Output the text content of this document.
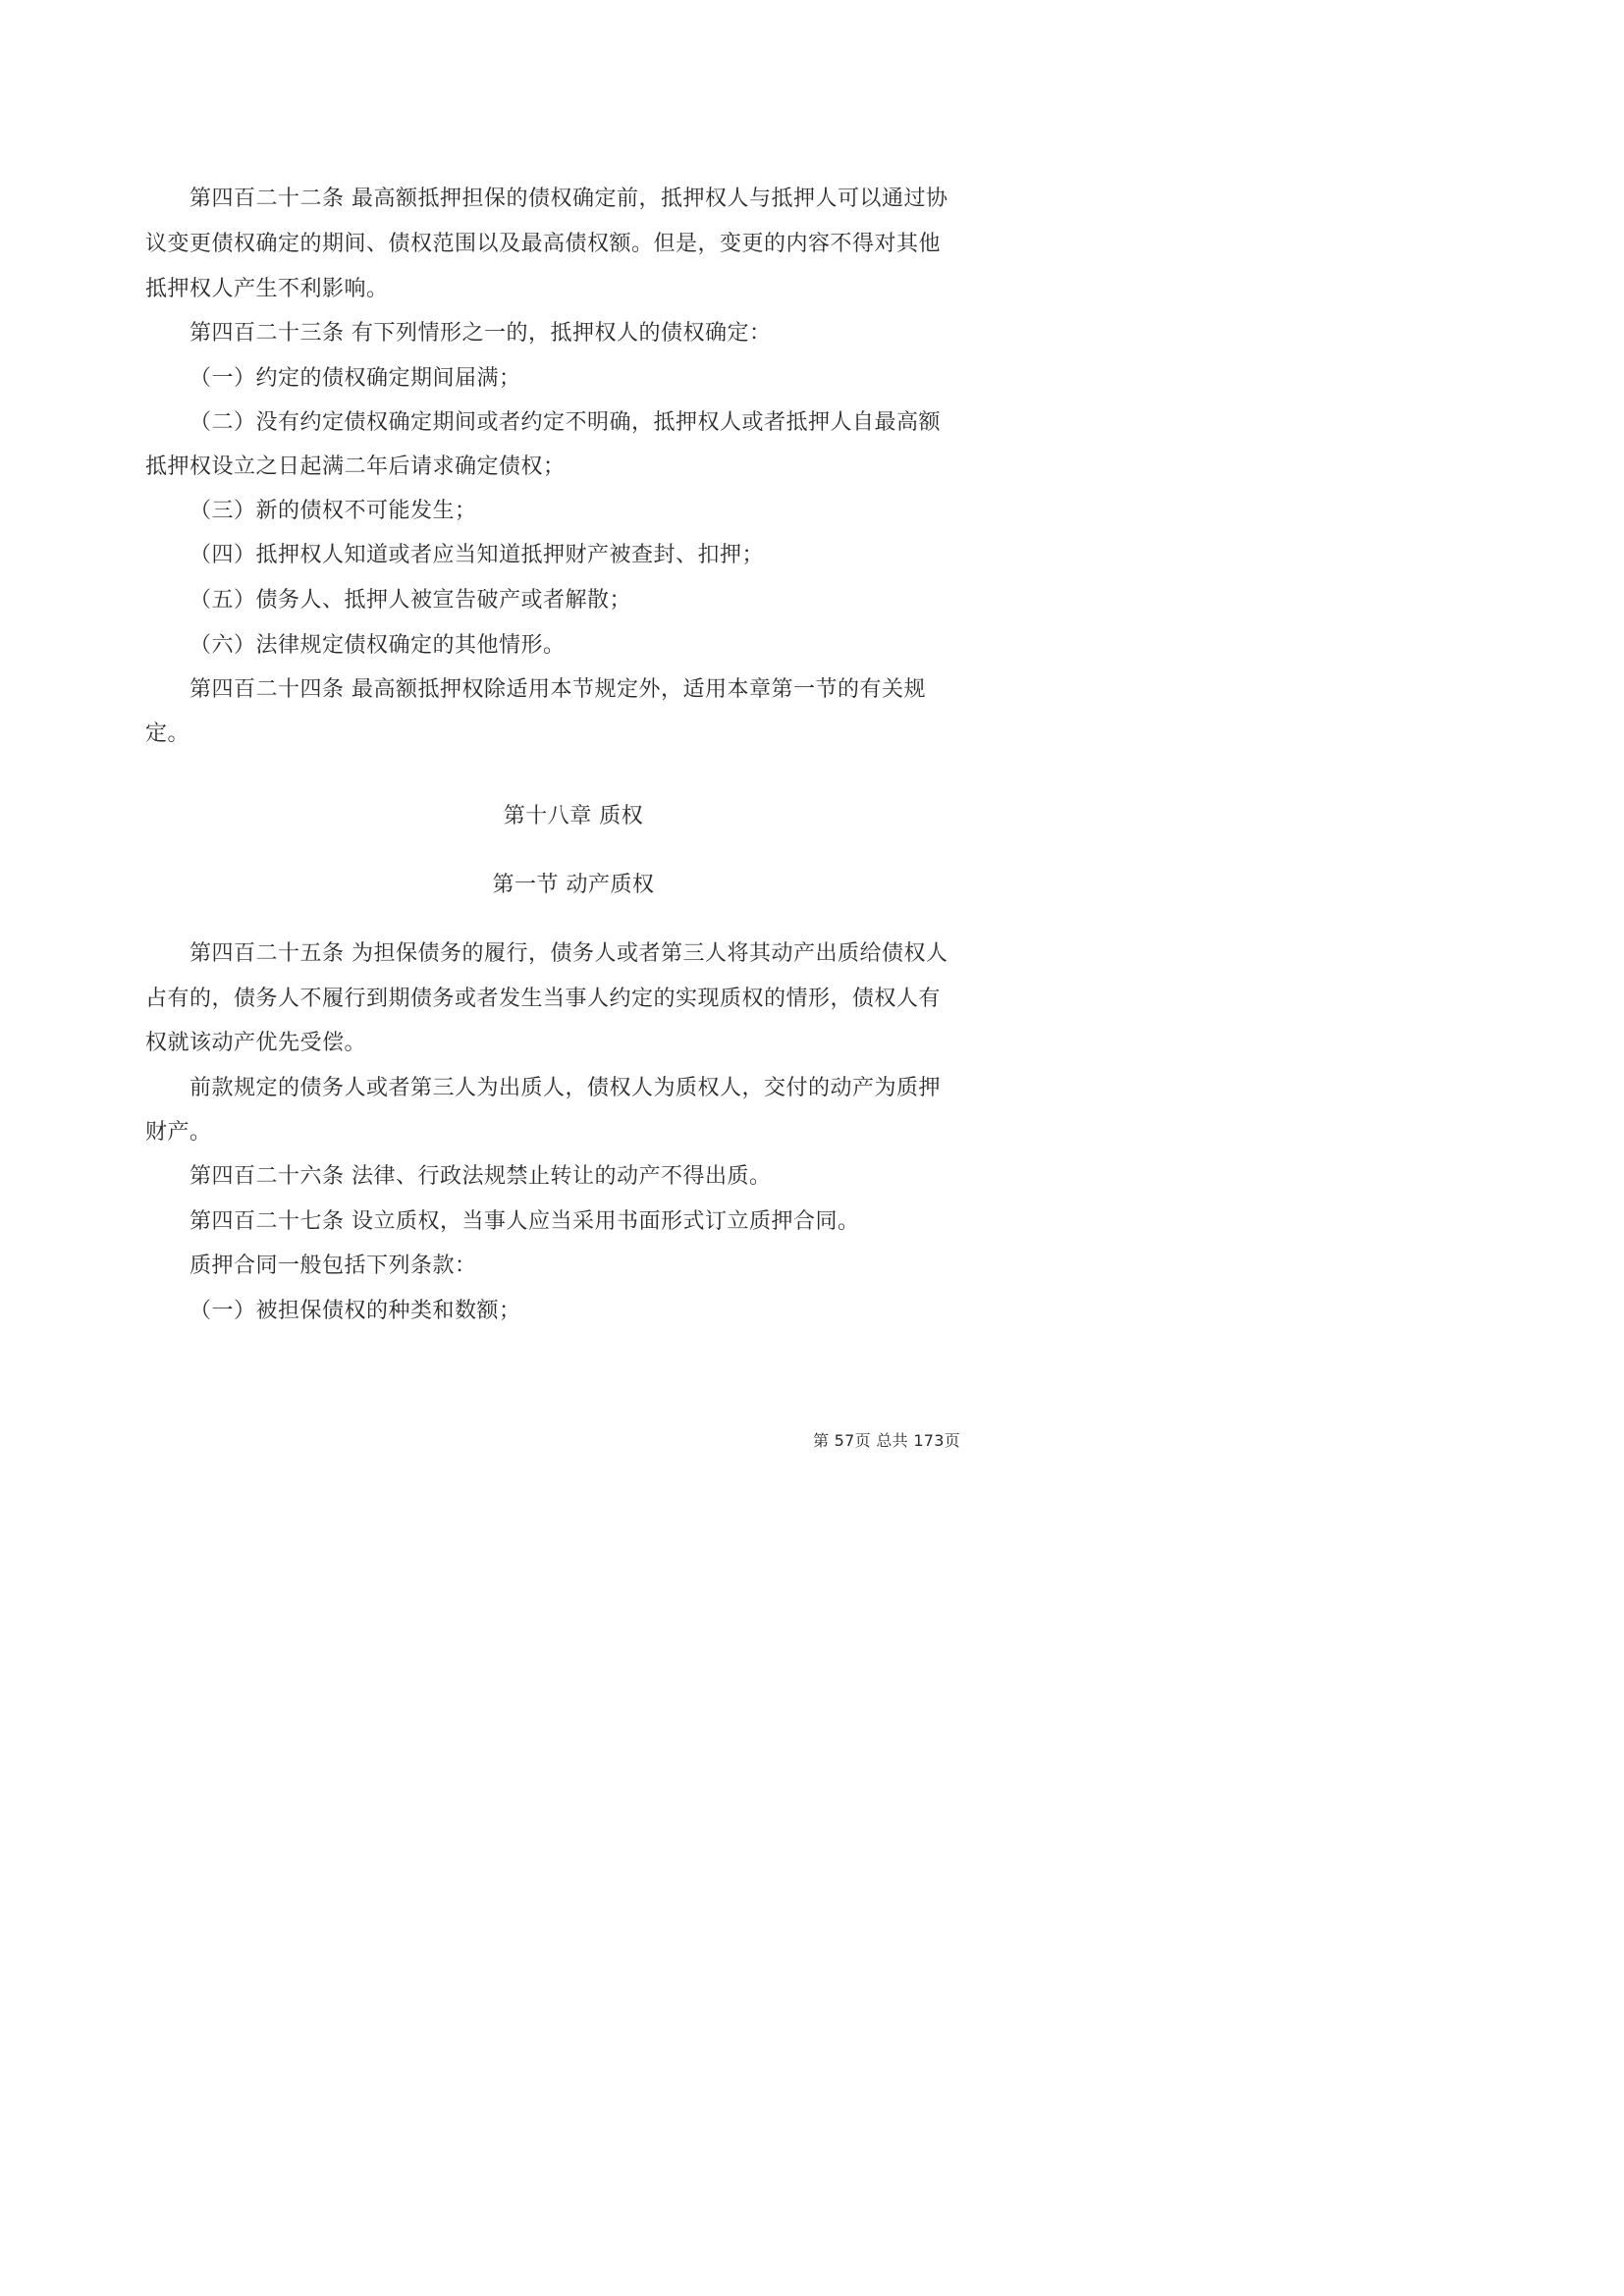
第四百二十二条 最高额抵押担保的债权确定前，抵押权人与抵押人可以通过协
议变更债权确定的期间、债权范围以及最高债权额。但是，变更的内容不得对其他
抵押权人产生不利影响。
第四百二十三条 有下列情形之一的，抵押权人的债权确定：
（一）约定的债权确定期间届满；
（二）没有约定债权确定期间或者约定不明确，抵押权人或者抵押人自最高额
抵押权设立之日起满二年后请求确定债权；
（三）新的债权不可能发生；
（四）抵押权人知道或者应当知道抵押财产被查封、扣押；
（五）债务人、抵押人被宣告破产或者解散；
（六）法律规定债权确定的其他情形。
第四百二十四条 最高额抵押权除适用本节规定外，适用本章第一节的有关规
定。
第十八章 质权
第一节 动产质权
第四百二十五条 为担保债务的履行，债务人或者第三人将其动产出质给债权人
占有的，债务人不履行到期债务或者发生当事人约定的实现质权的情形，债权人有
权就该动产优先受偿。
前款规定的债务人或者第三人为出质人，债权人为质权人，交付的动产为质押
财产。
第四百二十六条 法律、行政法规禁止转让的动产不得出质。
第四百二十七条 设立质权，当事人应当采用书面形式订立质押合同。
质押合同一般包括下列条款：
（一）被担保债权的种类和数额；
第 57页 总共 173页
